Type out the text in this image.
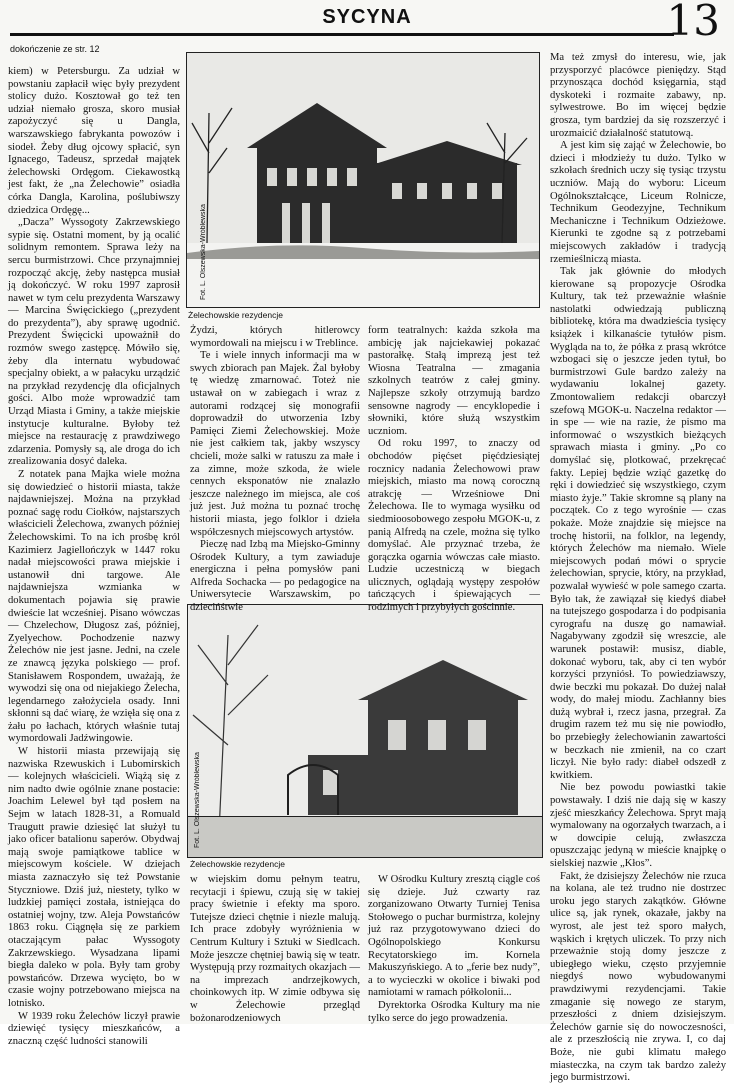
SYCYNA	13
dokończenie ze str. 12
Fot. L. Olszewska-Wróblewska
Żelechowskie rezydencje
Fot. L. Olszewska-Wróblewska
Żelechowskie rezydencje

kiem) w Petersburgu. Za udział w powstaniu zapłacił więc były prezydent stolicy dużo. Kosztował go też ten udział niemało grosza, skoro musiał zapożyczyć się u Dangla, warszawskiego fabrykanta powozów i siodeł. Żeby dług ojcowy spłacić, syn Ignacego, Tadeusz, sprzedał majątek żelechowski Ordęgom. Ciekawostką jest fakt, że „na Żelechowie” osiadła córka Dangla, Karolina, poślubiwszy dziedzica Ordęgę...

„Dacza” Wyssogoty Zakrzewskiego sypie się. Ostatni moment, by ją ocalić solidnym remontem. Sprawa leży na sercu burmistrzowi. Chce przynajmniej rozpocząć akcję, żeby następca musiał ją dokończyć. W roku 1997 zaprosił nawet w tym celu prezydenta Warszawy — Marcina Święcickiego („prezydent do prezydenta”), aby sprawę ugodnić. Prezydent Święcicki upoważnił do rozmów swego zastępcę. Mówiło się, żeby dla internatu wybudować specjalny obiekt, a w pałacyku urządzić na przykład rezydencję dla oficjalnych gości. Albo może wprowadzić tam Urząd Miasta i Gminy, a także miejskie instytucje kulturalne. Byłoby też miejsce na restaurację z prawdziwego zdarzenia. Pomysły są, ale droga do ich zrealizowania dosyć daleka.

Z notatek pana Majka wiele można się dowiedzieć o historii miasta, także najdawniejszej. Można na przykład poznać sagę rodu Ciołków, najstarszych właścicieli Żelechowa, zwanych później Żelechowskimi. To na ich prośbę król Kazimierz Jagiellończyk w 1447 roku nadał miejscowości prawa miejskie i ustanowił dni targowe. Ale najdawniejsza wzmianka w dokumentach pojawia się prawie dwieście lat wcześniej. Pisano wówczas — Chzelechow, Długosz zaś, później, Zyelyechow. Pochodzenie nazwy Żelechów nie jest jasne. Jedni, na czele ze znawcą języka polskiego — prof. Stanisławem Rospondem, uważają, że wywodzi się ona od niejakiego Żelecha, legendarnego założyciela osady. Inni skłonni są dać wiarę, że wzięła się ona z żału po łachach, których właśnie tutaj wymordowali Jadźwingowie.

W historii miasta przewijają się nazwiska Rzewuskich i Lubomirskich — kolejnych właścicieli. Wiążą się z nim nadto dwie ogólnie znane postacie: Joachim Lelewel był tąd posłem na Sejm w latach 1828-31, a Romuald Traugutt prawie dziesięć lat służył tu jako oficer batalionu saperów. Obydwaj mają swoje pamiątkowe tablice w miejscowym kościele. W dziejach miasta zaznaczyło się też Powstanie Styczniowe. Dziś już, niestety, tylko w ludzkiej pamięci została, istniejąca do ostatniej wojny, tzw. Aleja Powstańców 1863 roku. Ciągnęła się ze parkiem otaczającym pałac Wyssogoty Zakrzewskiego. Wysadzana lipami biegła daleko w pola. Były tam groby powstańców. Drzewa wycięto, bo w czasie wojny potrzebowano miejsca na lotnisko.

W 1939 roku Żelechów liczył prawie dziewięć tysięcy mieszkańców, a znaczną część ludności stanowili

Żydzi, których hitlerowcy wymordowali na miejscu i w Treblince.

Te i wiele innych informacji ma w swych zbiorach pan Majek. Żal byłoby tę wiedzę zmarnować. Toteż nie ustawał on w zabiegach i wraz z autorami rodzącej się monografii doprowadził do utworzenia Izby Pamięci Ziemi Żelechowskiej. Może nie jest całkiem tak, jakby wszyscy chcieli, może salki w ratuszu za małe i za zimne, może szkoda, że wiele cennych eksponatów nie znalazło jeszcze należnego im miejsca, ale coś już jest. Już można tu poznać trochę historii miasta, jego folklor i dzieła współczesnych miejscowych artystów.

Pieczę nad Izbą ma Miejsko-Gminny Ośrodek Kultury, a tym zawiaduje energiczna i pełna pomysłów pani Alfreda Sochacka — po pedagogice na Uniwersytecie Warszawskim, po dziecińśtwie

form teatralnych: każda szkoła ma ambicję jak najciekawiej pokazać pastorałkę. Stałą imprezą jest też Wiosna Teatralna — zmagania szkolnych teatrów z całej gminy. Najlepsze szkoły otrzymują bardzo sensowne nagrody — encyklopedie i słowniki, które służą wszystkim uczniom.

Od roku 1997, to znaczy od obchodów pięćset pięćdziesiątej rocznicy nadania Żelechowowi praw miejskich, miasto ma nową coroczną atrakcję — Wrześniowe Dni Żelechowa. Ile to wymaga wysiłku od siedmioosobowego zespołu MGOK-u, z panią Alfredą na czele, można się tylko domyślać. Ale przyznać trzeba, że gorączka ogarnia wówczas całe miasto. Ludzie uczestniczą w biegach ulicznych, oglądają występy zespołów tańczących i śpiewających — rodzimych i przybyłych gościnnie.

w wiejskim domu pełnym teatru, recytacji i śpiewu, czują się w takiej pracy świetnie i efekty ma sporo. Tutejsze dzieci chętnie i niezle malują. Ich prace zdobyły wyróżnienia w Centrum Kultury i Sztuki w Siedlcach. Może jeszcze chętniej bawią się w teatr. Występują przy rozmaitych okazjach — na imprezach andrzejkowych, choinkowych itp. W zimie odbywa się w Żelechowie przegląd bożonarodzeniowych

W Ośrodku Kultury zresztą ciągle coś się dzieje. Już czwarty raz zorganizowano Otwarty Turniej Tenisa Stołowego o puchar burmistrza, kolejny już raz przygotowywano dzieci do Ogólnopolskiego Konkursu Recytatorskiego im. Kornela Makuszyńskiego. A to „ferie bez nudy”, a to wycieczki w okolice i biwaki pod namiotami w ramach półkolonii...

Dyrektorka Ośrodka Kultury ma nie tylko serce do jego prowadzenia.

Ma też zmysł do interesu, wie, jak przysporzyć placówce pieniędzy. Stąd przynosząca dochód księgarnia, stąd dyskoteki i rozmaite zabawy, np. sylwestrowe. Bo im więcej będzie grosza, tym bardziej da się rozszerzyć i urozmaicić działalność statutową.

A jest kim się zająć w Żelechowie, bo dzieci i młodzieży tu dużo. Tylko w szkołach średnich uczy się tysiąc trzystu uczniów. Mają do wyboru: Liceum Ogólnokształcące, Liceum Rolnicze, Technikum Geodezyjne, Technikum Mechaniczne i Technikum Odzieżowe. Kierunki te zgodne są z potrzebami miejscowych zakładów i tradycją rzemieślniczą miasta.

Tak jak głównie do młodych kierowane są propozycje Ośrodka Kultury, tak też przeważnie właśnie nastolatki odwiedzają publiczną bibliotekę, która ma dwadzieścia tysięcy książek i kilkanaście tytułów pism. Wygląda na to, że półka z prasą wkrótce wzbogaci się o jeszcze jeden tytuł, bo burmistrzowi Gule bardzo zależy na wydawaniu lokalnej gazety. Zmontowaliem redakcji obarczył szefową MGOK-u. Naczelna redaktor — in spe — wie na razie, że pismo ma informować o wszystkich bieżących sprawach miasta i gminy. „Po co domyślać się, plotkować, przekręcać fakty. Lepiej będzie wziąć gazetkę do ręki i dowiedzieć się wszystkiego, czym miasto żyje.” Takie skromne są plany na początek. Co z tego wyrośnie — czas pokaże. Może znajdzie się miejsce na trochę historii, na folklor, na legendy, których Żelechów ma niemało. Wiele miejscowych podań mówi o sprycie żelechowian, sprycie, który, na przykład, pozwalał wywieść w pole samego czarta. Było tak, że zawiązał się kiedyś diabeł na tutejszego gospodarza i do podpisania cyrografu na duszę go namawiał. Nagabywany zgodził się wreszcie, ale warunek postawił: musisz, diable, dokonać wyboru, tak, aby ci ten wybór korzyści przyniósł. To powiedziawszy, dwie beczki mu pokazał. Do dużej nalał wody, do małej miodu. Zachłanny bies dużą wybrał i, rzecz jasna, przegrał. Za drugim razem też mu się nie powiodło, bo przebiegły żelechowianin zawartości w beczkach nie zmienił, na co czart liczył. Nie było rady: diabeł odszedł z kwitkiem.

Nie bez powodu powiastki takie powstawały. I dziś nie dają się w kaszy zjeść mieszkańcy Żelechowa. Spryt mają wymalowany na ogorzałych twarzach, a i w dowcipie celują, zwłaszcza opuszczając jedyną w mieście knajpkę o sielskiej nazwie „Kłos”.

Fakt, że dzisiejszy Żelechów nie rzuca na kolana, ale też trudno nie dostrzec uroku jego starych zakątków. Główne ulice są, jak rynek, okazałe, jakby na wyrost, ale jest też sporo małych, wąskich i krętych uliczek. To przy nich przeważnie stoją domy jeszcze z ubiegłego wieku, często przyjemnie niegdyś nowo wybudowanymi prawdziwymi rezydencjami. Takie zmaganie się nowego ze starym, przeszłości z dniem dzisiejszym. Żelechów garnie się do nowoczesności, ale z przeszłością nie zrywa. I, co daj Boże, nie gubi klimatu małego miasteczka, na czym tak bardzo zależy jego burmistrzowi.
